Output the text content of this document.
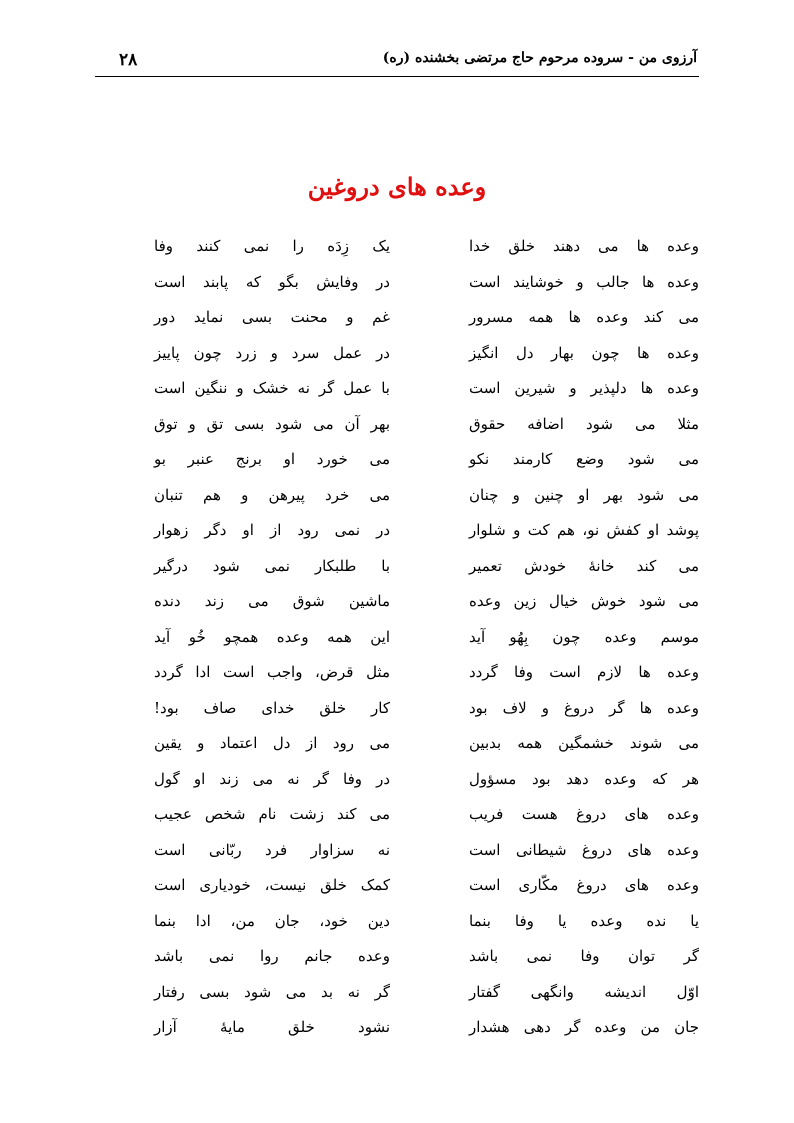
۲۸	آرزوی من - سروده مرحوم حاج مرتضی بخشنده (ره)
وعده های دروغین
وعده ها می دهند خلق خدا
یک زِدَه را نمی کنند وفا
وعده ها جالب و خوشایند است
در وفایش بگو که پابند است
می کند وعده ها همه مسرور
غم و محنت بسی نماید دور
وعده ها چون بهار دل انگیز
در عمل سرد و زرد چون پاییز
وعده ها دلپذیر و شیرین است
با عمل گر نه خشک و ننگین است
مثلا می شود اضافه حقوق
بهر آن می شود بسی تق و توق
می شود وضع کارمند نکو
می خورد او برنج عنبر بو
می شود بهر او چنین و چنان
می خرد پیرهن و هم تنبان
پوشد او کفش نو، هم کت و شلوار
در نمی رود از او دگر زهوار
می کند خانهٔ خودش تعمیر
با طلبکار نمی شود درگیر
می شود خوش خیال زین وعده
ماشین شوق می زند دنده
موسم وعده چون بِهُو آید
این همه وعده همچو خُو آید
وعده ها لازم است وفا گردد
مثل قرض، واجب است ادا گردد
وعده ها گر دروغ و لاف بود
کار خلق خدای صاف بود!
می شوند خشمگین همه بدبین
می رود از دل اعتماد و یقین
هر که وعده دهد بود مسؤول
در وفا گر نه می زند او گول
وعده های دروغ هست فریب
می کند زشت نام شخص عجیب
وعده های دروغ شیطانی است
نه سزاوار فرد ربّانی است
وعده های دروغ مکّاری است
کمک خلق نیست، خودیاری است
یا نده وعده یا وفا بنما
دین خود، جان من، ادا بنما
گر توان وفا نمی باشد
وعده جانم روا نمی باشد
اوّل اندیشه وانگهی گفتار
گر نه بد می شود بسی رفتار
جان من وعده گر دهی هشدار
نشود خلق مایهٔ آزار
